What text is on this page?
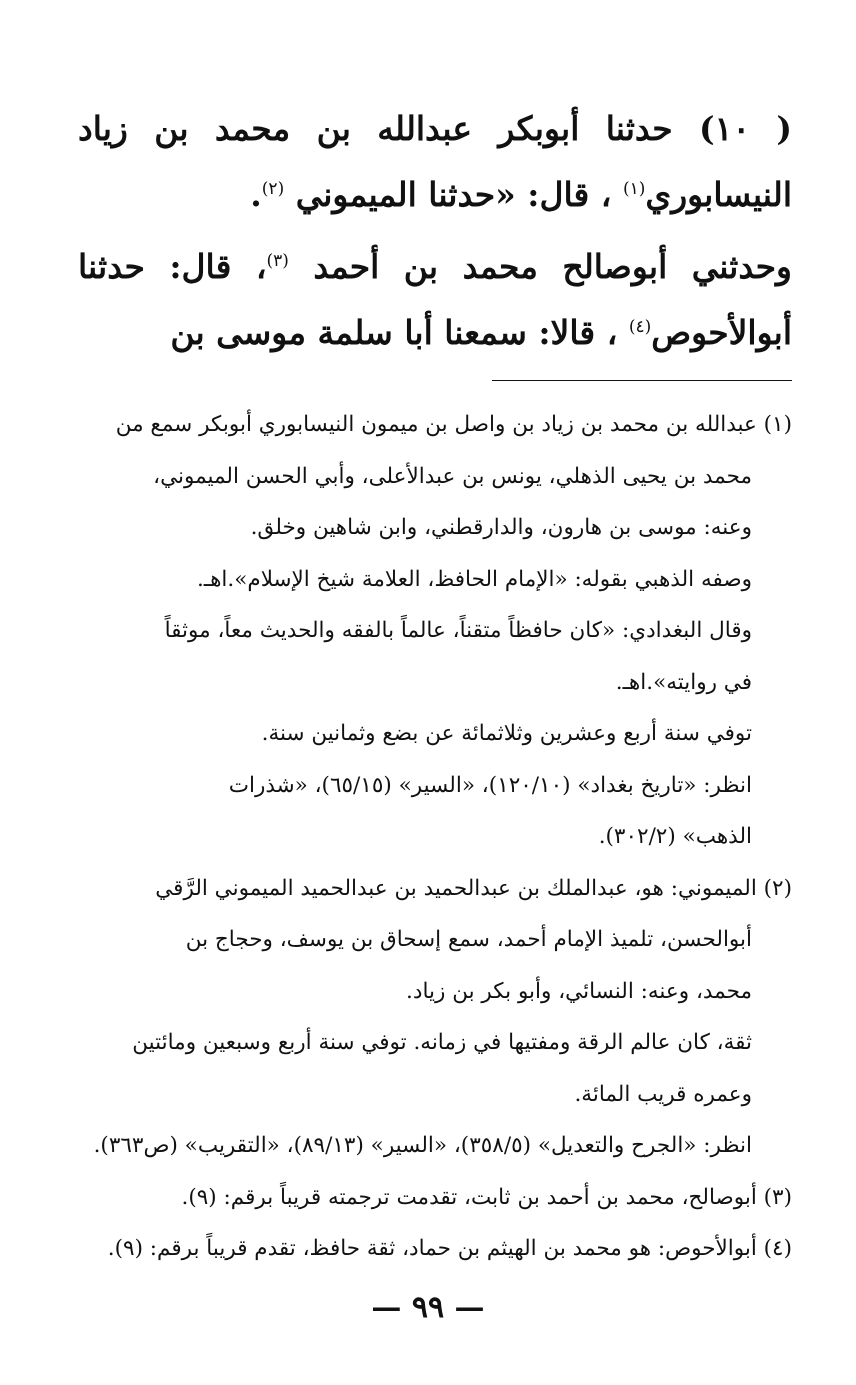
( ١٠) حدثنا أبوبكر عبدالله بن محمد بن زياد النيسابوري$^{(١)}$ ، قال: «حدثنا الميموني $^{(٢)}$.

وحدثني أبوصالح محمد بن أحمد $^{(٣)}$، قال: حدثنا أبوالأحوص$^{(٤)}$ ، قالا: سمعنا أبا سلمة موسى بن

(١) عبدالله بن محمد بن زياد بن واصل بن ميمون النيسابوري أبوبكر سمع من

محمد بن يحيى الذهلي، يونس بن عبدالأعلى، وأبي الحسن الميموني،

وعنه: موسى بن هارون، والدارقطني، وابن شاهين وخلق.

وصفه الذهبي بقوله: «الإمام الحافظ، العلامة شيخ الإسلام».اهـ.

وقال البغدادي: «كان حافظاً متقناً، عالماً بالفقه والحديث معاً، موثقاً

في روايته».اهـ.

توفي سنة أربع وعشرين وثلاثمائة عن بضع وثمانين سنة.

انظر: «تاريخ بغداد» (١٢٠/١٠)، «السير» (٦٥/١٥)، «شذرات

الذهب» (٣٠٢/٢).

(٢) الميموني: هو، عبدالملك بن عبدالحميد بن عبدالحميد الميموني الرَّقي

أبوالحسن، تلميذ الإمام أحمد، سمع إسحاق بن يوسف، وحجاج بن

محمد، وعنه: النسائي، وأبو بكر بن زياد.

ثقة، كان عالم الرقة ومفتيها في زمانه. توفي سنة أربع وسبعين ومائتين

وعمره قريب المائة.

انظر: «الجرح والتعديل» (٣٥٨/٥)، «السير» (٨٩/١٣)، «التقريب» (ص٣٦٣).

(٣) أبوصالح، محمد بن أحمد بن ثابت، تقدمت ترجمته قريباً برقم: (٩).

(٤) أبوالأحوص: هو محمد بن الهيثم بن حماد، ثقة حافظ، تقدم قريباً برقم: (٩).

— ٩٩ —
